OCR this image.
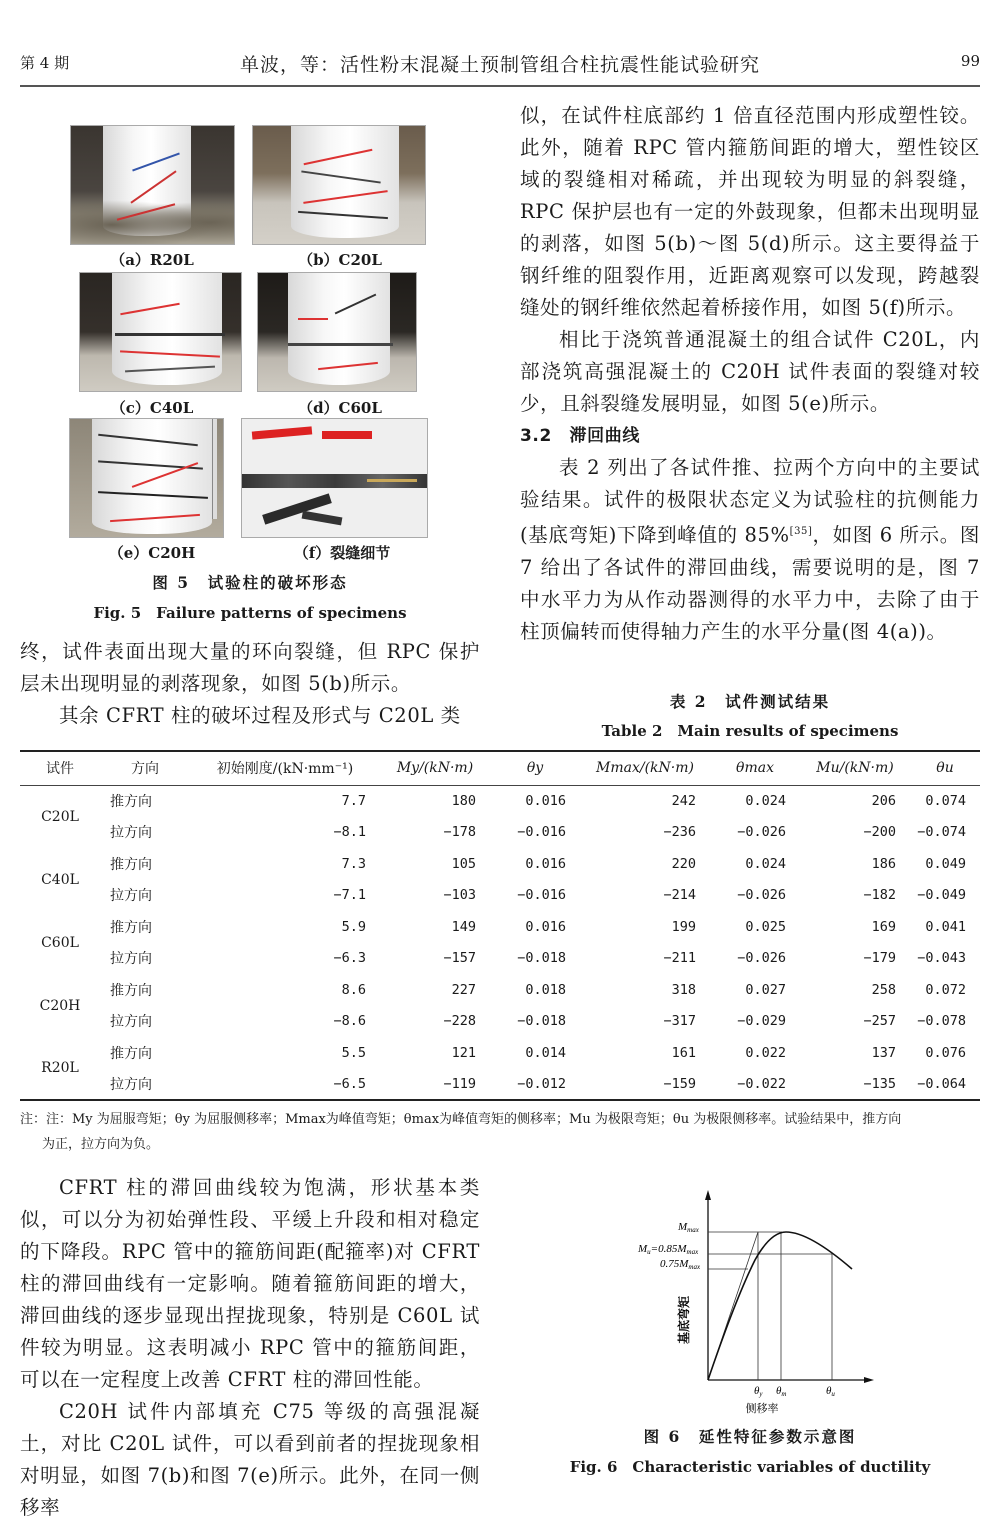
第 4 期	单波，等：活性粉末混凝土预制管组合柱抗震性能试验研究	99
（a）R20L	（b）C20L
（c）C40L	（d）C60L
（e）C20H	（f）裂缝细节
图 5　试验柱的破坏形态
Fig. 5　Failure patterns of specimens

终，试件表面出现大量的环向裂缝，但 RPC 保护层未出现明显的剥落现象，如图 5(b)所示。

其余 CFRT 柱的破坏过程及形式与 C20L 类

似，在试件柱底部约 1 倍直径范围内形成塑性铰。此外，随着 RPC 管内箍筋间距的增大，塑性铰区域的裂缝相对稀疏，并出现较为明显的斜裂缝，RPC 保护层也有一定的外鼓现象，但都未出现明显的剥落，如图 5(b)～图 5(d)所示。这主要得益于钢纤维的阻裂作用，近距离观察可以发现，跨越裂缝处的钢纤维依然起着桥接作用，如图 5(f)所示。

相比于浇筑普通混凝土的组合试件 C20L，内部浇筑高强混凝土的 C20H 试件表面的裂缝对较少，且斜裂缝发展明显，如图 5(e)所示。

3.2　滞回曲线

表 2 列出了各试件推、拉两个方向中的主要试验结果。试件的极限状态定义为试验柱的抗侧能力(基底弯矩)下降到峰值的 85%[35]，如图 6 所示。图 7 给出了各试件的滞回曲线，需要说明的是，图 7 中水平力为从作动器测得的水平力中，去除了由于柱顶偏转而使得轴力产生的水平分量(图 4(a))。

表 2　试件测试结果
Table 2　Main results of specimens
试件	方向	初始刚度/(kN·mm⁻¹)	My/(kN·m)	θy	Mmax/(kN·m)	θmax	Mu/(kN·m)	θu
C20L	推方向	7.7	180	0.016	242	0.024	206	0.074
	拉方向	−8.1	−178	−0.016	−236	−0.026	−200	−0.074
C40L	推方向	7.3	105	0.016	220	0.024	186	0.049
	拉方向	−7.1	−103	−0.016	−214	−0.026	−182	−0.049
C60L	推方向	5.9	149	0.016	199	0.025	169	0.041
	拉方向	−6.3	−157	−0.018	−211	−0.026	−179	−0.043
C20H	推方向	8.6	227	0.018	318	0.027	258	0.072
	拉方向	−8.6	−228	−0.018	−317	−0.029	−257	−0.078
R20L	推方向	5.5	121	0.014	161	0.022	137	0.076
	拉方向	−6.5	−119	−0.012	−159	−0.022	−135	−0.064
注：注：My 为屈服弯矩；θy 为屈服侧移率；Mmax为峰值弯矩；θmax为峰值弯矩的侧移率；Mu 为极限弯矩；θu 为极限侧移率。试验结果中，推方向
为正，拉方向为负。

CFRT 柱的滞回曲线较为饱满，形状基本类似，可以分为初始弹性段、平缓上升段和相对稳定的下降段。RPC 管中的箍筋间距(配箍率)对 CFRT 柱的滞回曲线有一定影响。随着箍筋间距的增大，滞回曲线的逐步显现出捏拢现象，特别是 C60L 试件较为明显。这表明减小 RPC 管中的箍筋间距，可以在一定程度上改善 CFRT 柱的滞回性能。

C20H 试件内部填充 C75 等级的高强混凝土，对比 C20L 试件，可以看到前者的捏拢现象相对明显，如图 7(b)和图 7(e)所示。此外，在同一侧移率

Mmax
Mu=0.85Mmax
0.75Mmax
θy θm	θu
侧移率
基底弯矩
图 6　延性特征参数示意图
Fig. 6　Characteristic variables of ductility
